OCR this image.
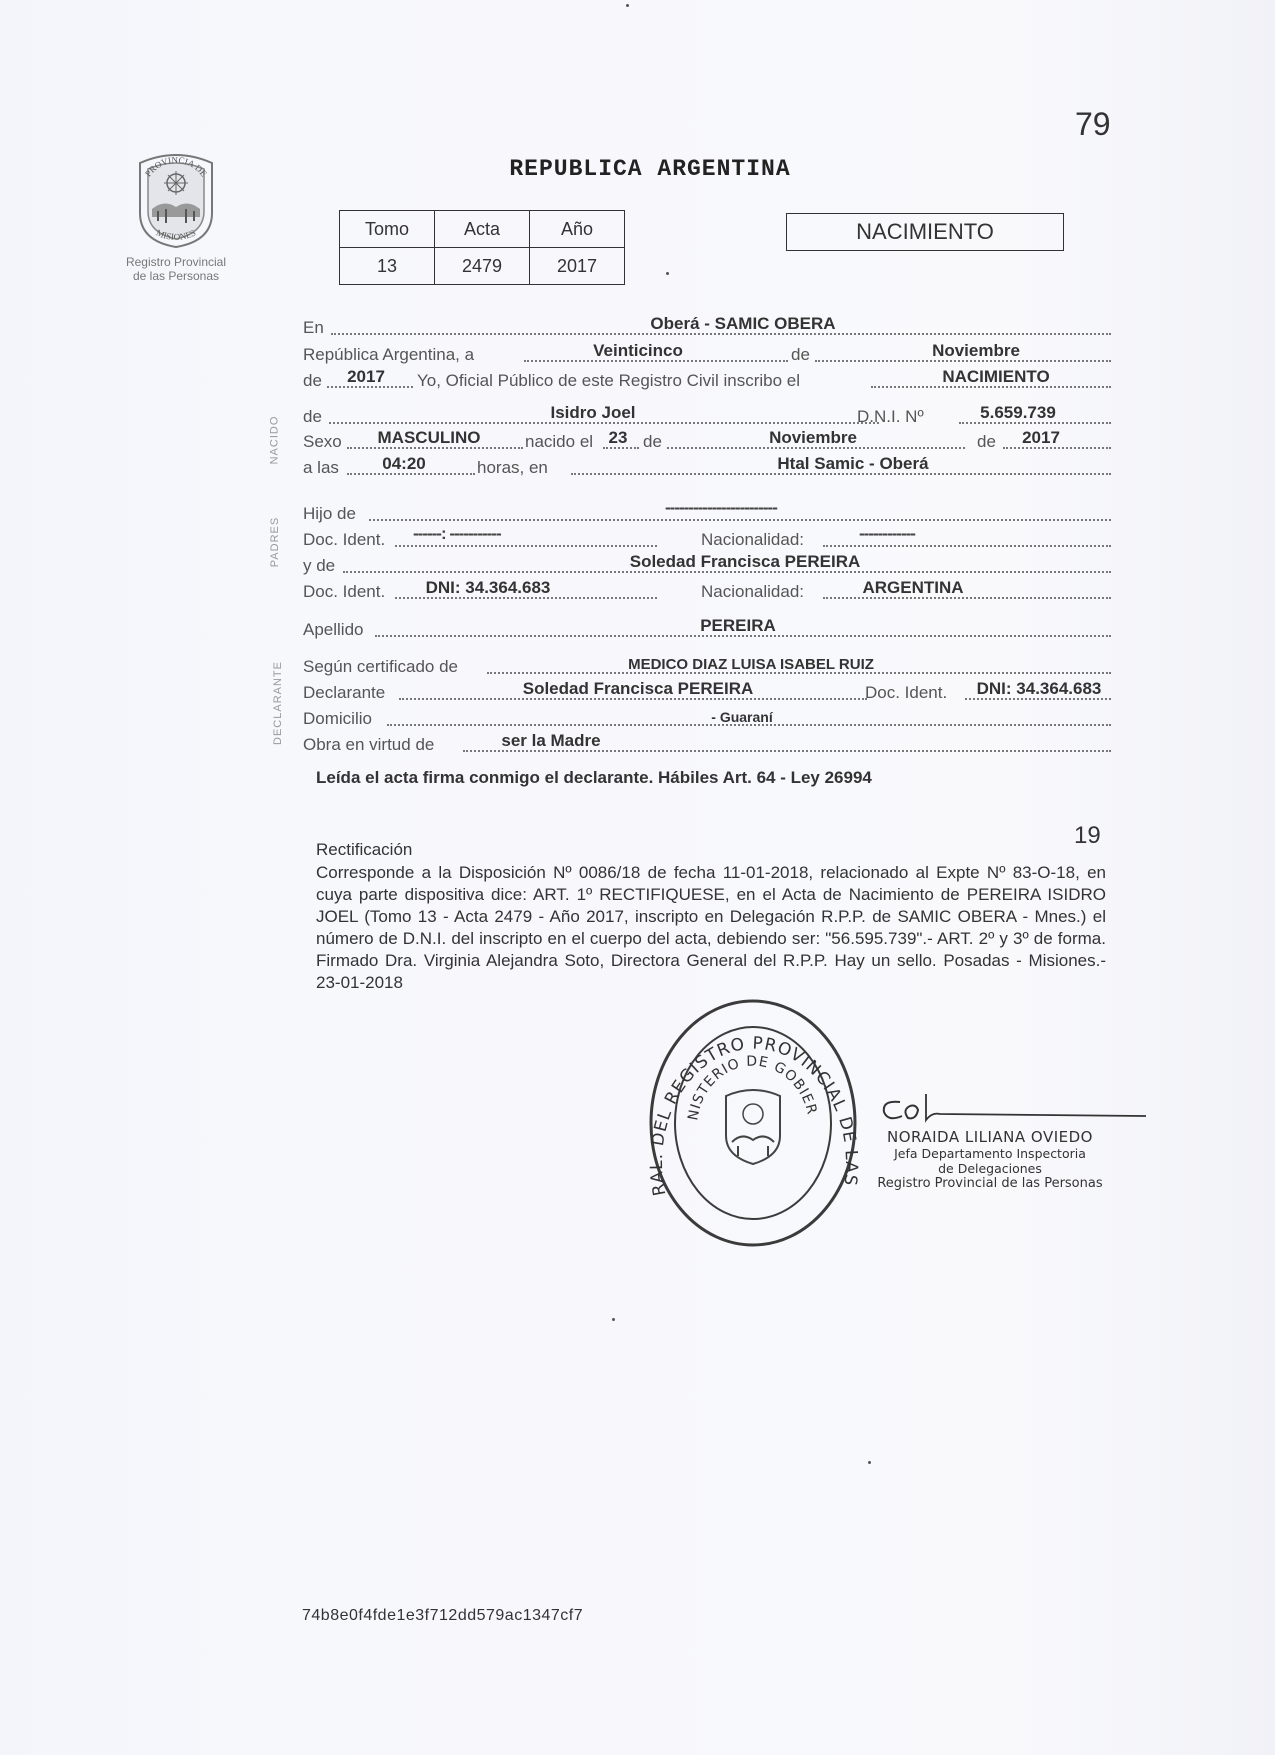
79
PROVINCIA DE
MISIONES
Registro Provincial
de las Personas
REPUBLICA ARGENTINA
Tomo	Acta	Año
13	2479	2017
NACIMIENTO
NACIDO
PADRES
DECLARANTE
En	Oberá - SAMIC OBERA
República Argentina, a	Veinticinco	de	Noviembre
de	2017	Yo, Oficial Público de este Registro Civil inscribo el	NACIMIENTO
de	Isidro Joel	D.N.I. Nº	5.659.739
Sexo	MASCULINO	nacido el 23 de	Noviembre	de	2017
a las	04:20	horas, en	Htal Samic - Oberá
Hijo de	------------------------
Doc. Ident. ------: -----------	Nacionalidad:	------------
y de	Soledad Francisca PEREIRA
Doc. Ident.	DNI: 34.364.683	Nacionalidad:	ARGENTINA
Apellido	PEREIRA
Según certificado de	MEDICO DIAZ LUISA ISABEL RUIZ
Declarante	Soledad Francisca PEREIRA	Doc. Ident.	DNI: 34.364.683
Domicilio	- Guaraní
Obra en virtud de	ser la Madre
Leída el acta firma conmigo el declarante. Hábiles Art. 64 - Ley 26994
19
Rectificación
Corresponde a la Disposición Nº 0086/18 de fecha 11-01-2018, relacionado al Expte Nº 83-O-18, en cuya parte dispositiva dice: ART. 1º RECTIFIQUESE, en el Acta de Nacimiento de PEREIRA ISIDRO JOEL (Tomo 13 - Acta 2479 - Año 2017, inscripto en Delegación R.P.P. de SAMIC OBERA - Mnes.) el número de D.N.I. del inscripto en el cuerpo del acta, debiendo ser: "56.595.739".- ART. 2º y 3º de forma. Firmado Dra. Virginia Alejandra Soto, Directora General del R.P.P. Hay un sello. Posadas - Misiones.- 23-01-2018
RAL. DEL REGISTRO PROVINCIAL DE LAS
NISTERIO DE GOBIER
NORAIDA LILIANA OVIEDO
Jefa Departamento Inspectoria
de Delegaciones
Registro Provincial de las Personas
74b8e0f4fde1e3f712dd579ac1347cf7
